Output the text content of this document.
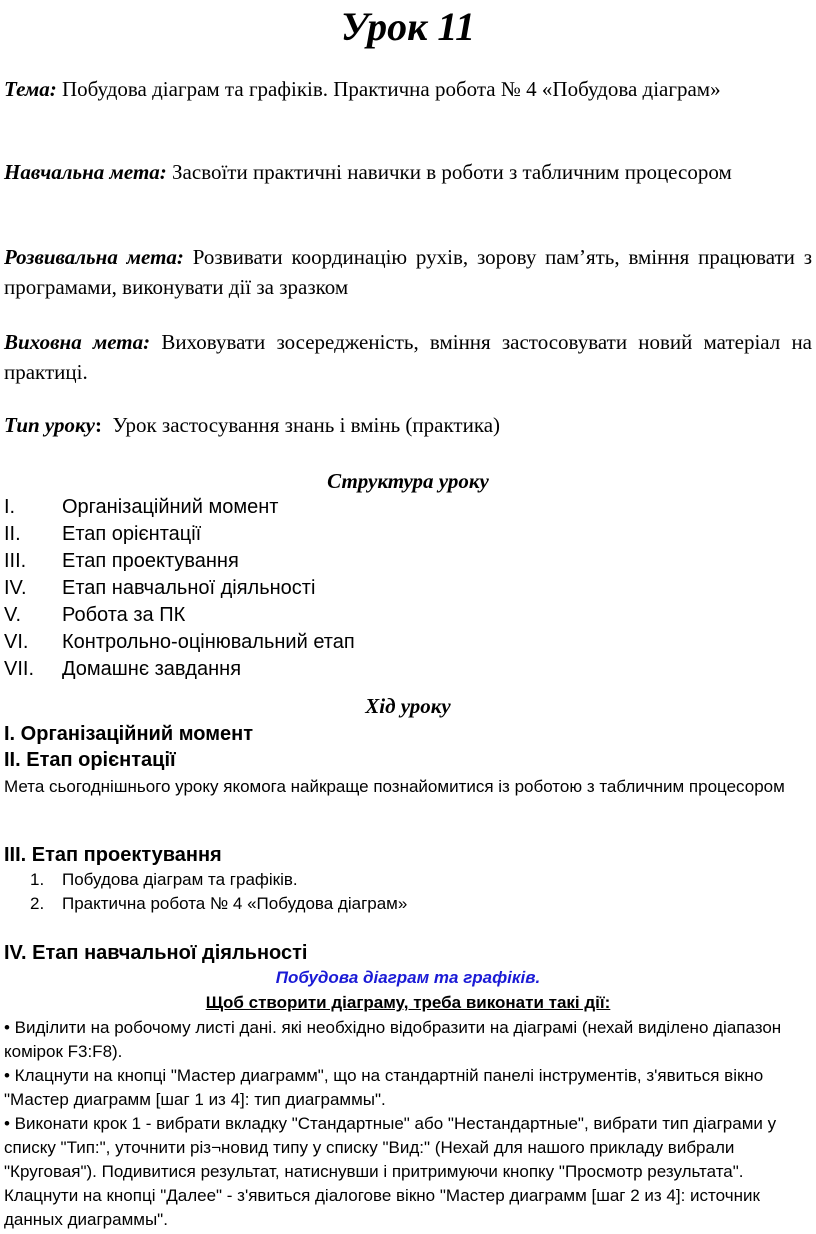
Урок 11
Тема: Побудова діаграм та графіків. Практична робота № 4 «Побудова діаграм»
Навчальна мета: Засвоїти практичні навички в роботи з табличним процесором
Розвивальна мета: Розвивати координацію рухів, зорову пам’ять, вміння працювати з програмами, виконувати дії за зразком
Виховна мета: Виховувати зосередженість, вміння застосовувати новий матеріал на практиці.
Тип уроку: Урок застосування знань і вмінь (практика)
Структура уроку
I. Організаційний момент
II. Етап орієнтації
III. Етап проектування
IV. Етап навчальної діяльності
V. Робота за ПК
VI. Контрольно-оцінювальний етап
VII. Домашнє завдання
Хід уроку
I. Організаційний момент
II. Етап орієнтації
Мета сьогоднішнього уроку якомога найкраще познайомитися із роботою з табличним процесором
III. Етап проектування
1. Побудова діаграм та графіків.
2. Практична робота № 4 «Побудова діаграм»
IV. Етап навчальної діяльності
Побудова діаграм та графіків.
Щоб створити діаграму, треба виконати такі дії:

• Виділити на робочому листі дані. які необхідно відобразити на діаграмі (нехай виділено діапазон комірок F3:F8).

• Клацнути на кнопці "Мастер диаграмм", що на стандартній панелі інструментів, з'явиться вікно "Мастер диаграмм [шаг 1 из 4]: тип диаграммы".

• Виконати крок 1 - вибрати вкладку "Стандартные" або "Нестандартные", вибрати тип діаграми у списку "Тип:", уточнити різ¬новид типу у списку "Вид:" (Нехай для нашого прикладу вибрали "Круговая"). Подивитися результат, натиснувши і притримуючи кнопку "Просмотр результата". Клацнути на кнопці "Далее" - з'явиться діалогове вікно "Мастер диаграмм [шаг 2 из 4]: источник данных диаграммы".
